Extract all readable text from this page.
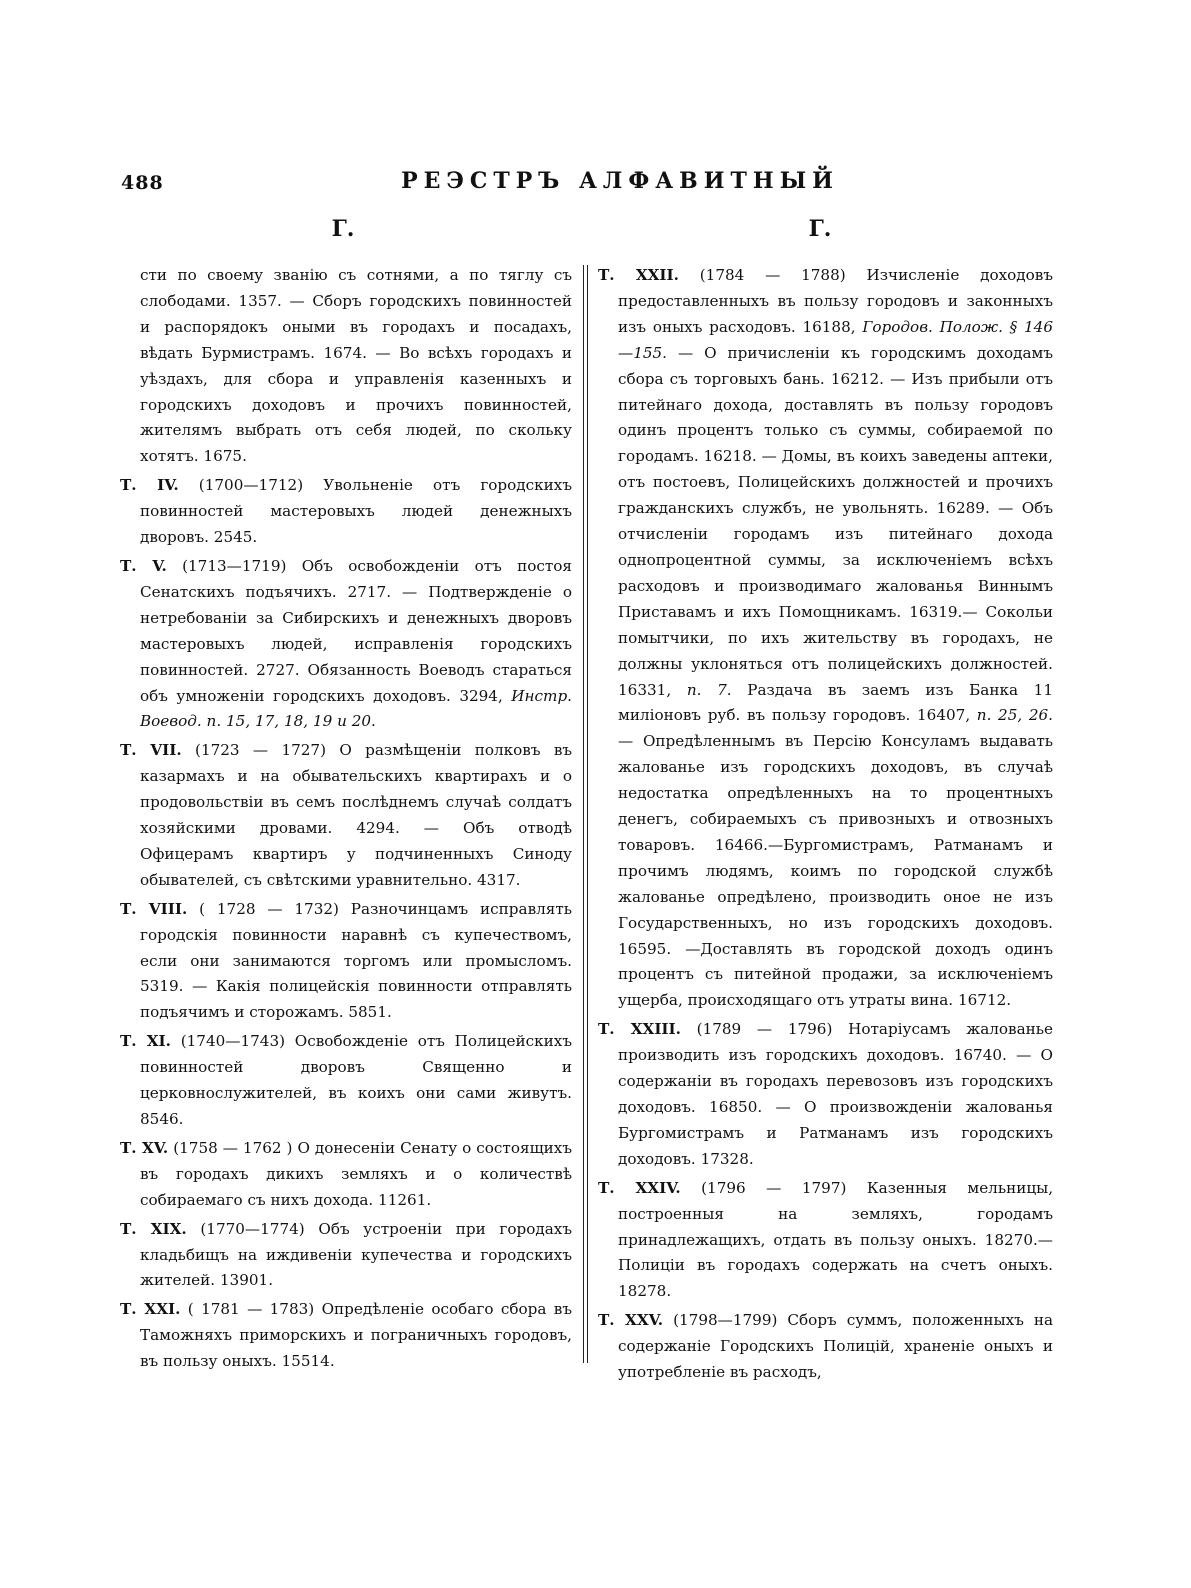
488	РЕЭСТРЪ АЛФАВИТНЫЙ
Г.	Г.

сти по своему званію съ сотнями, а по тяглу съ слободами. 1357. — Сборъ городскихъ повинностей и распорядокъ оными въ городахъ и посадахъ, вѣдать Бурмистрамъ. 1674. — Во всѣхъ городахъ и уѣздахъ, для сбора и управленія казенныхъ и городскихъ доходовъ и прочихъ повинностей, жителямъ выбрать отъ себя людей, по скольку хотятъ. 1675.

Т. IV. (1700—1712) Увольненіе отъ городскихъ повинностей мастеровыхъ людей денежныхъ дворовъ. 2545.

Т. V. (1713—1719) Объ освобожденіи отъ постоя Сенатскихъ подъячихъ. 2717. — Подтвержденіе о нетребованіи за Сибирскихъ и денежныхъ дворовъ мастеровыхъ людей, исправленія городскихъ повинностей. 2727. Обязанность Воеводъ стараться объ умноженіи городскихъ доходовъ. 3294, Инстр. Воевод. п. 15, 17, 18, 19 и 20.

Т. VII. (1723 — 1727) О размѣщеніи полковъ въ казармахъ и на обывательскихъ квартирахъ и о продовольствіи въ семъ послѣднемъ случаѣ солдатъ хозяйскими дровами. 4294. — Объ отводѣ Офицерамъ квартиръ у подчиненныхъ Синоду обывателей, съ свѣтскими уравнительно. 4317.

Т. VIII. ( 1728 — 1732) Разночинцамъ исправлять городскія повинности наравнѣ съ купечествомъ, если они занимаются торгомъ или промысломъ. 5319. — Какія полицейскія повинности отправлять подъячимъ и сторожамъ. 5851.

Т. XI. (1740—1743) Освобожденіе отъ Полицейскихъ повинностей дворовъ Священно и церковнослужителей, въ коихъ они сами живутъ. 8546.

Т. XV. (1758 — 1762 ) О донесеніи Сенату о состоящихъ въ городахъ дикихъ земляхъ и о количествѣ собираемаго съ нихъ дохода. 11261.

Т. XIX. (1770—1774) Объ устроеніи при городахъ кладьбищъ на иждивеніи купечества и городскихъ жителей. 13901.

Т. XXI. ( 1781 — 1783) Опредѣленіе особаго сбора въ Таможняхъ приморскихъ и пограничныхъ городовъ, въ пользу оныхъ. 15514.

Т. XXII. (1784 — 1788) Изчисленіе доходовъ предоставленныхъ въ пользу городовъ и законныхъ изъ оныхъ расходовъ. 16188, Городов. Полож. § 146—155. — О причисленіи къ городскимъ доходамъ сбора съ торговыхъ бань. 16212. — Изъ прибыли отъ питейнаго дохода, доставлять въ пользу городовъ одинъ процентъ только съ суммы, собираемой по городамъ. 16218. — Домы, въ коихъ заведены аптеки, отъ постоевъ, Полицейскихъ должностей и прочихъ гражданскихъ службъ, не увольнять. 16289. — Объ отчисленіи городамъ изъ питейнаго дохода однопроцентной суммы, за исключеніемъ всѣхъ расходовъ и производимаго жалованья Виннымъ Приставамъ и ихъ Помощникамъ. 16319.— Сокольи помытчики, по ихъ жительству въ городахъ, не должны уклоняться отъ полицейскихъ должностей. 16331, п. 7. Раздача въ заемъ изъ Банка 11 миліоновъ руб. въ пользу городовъ. 16407, п. 25, 26. — Опредѣленнымъ въ Персію Консуламъ выдавать жалованье изъ городскихъ доходовъ, въ случаѣ недостатка опредѣленныхъ на то процентныхъ денегъ, собираемыхъ съ привозныхъ и отвозныхъ товаровъ. 16466.—Бургомистрамъ, Ратманамъ и прочимъ людямъ, коимъ по городской службѣ жалованье опредѣлено, производить оное не изъ Государственныхъ, но изъ городскихъ доходовъ. 16595. —Доставлять въ городской доходъ одинъ процентъ съ питейной продажи, за исключеніемъ ущерба, происходящаго отъ утраты вина. 16712.

Т. XXIII. (1789 — 1796) Нотаріусамъ жалованье производить изъ городскихъ доходовъ. 16740. — О содержаніи въ городахъ перевозовъ изъ городскихъ доходовъ. 16850. — О произвожденіи жалованья Бургомистрамъ и Ратманамъ изъ городскихъ доходовъ. 17328.

Т. XXIV. (1796 — 1797) Казенныя мельницы, построенныя на земляхъ, городамъ принадлежащихъ, отдать въ пользу оныхъ. 18270.— Полиціи въ городахъ содержать на счетъ оныхъ. 18278.

Т. XXV. (1798—1799) Сборъ суммъ, положенныхъ на содержаніе Городскихъ Полицій, храненіе оныхъ и употребленіе въ расходъ,
